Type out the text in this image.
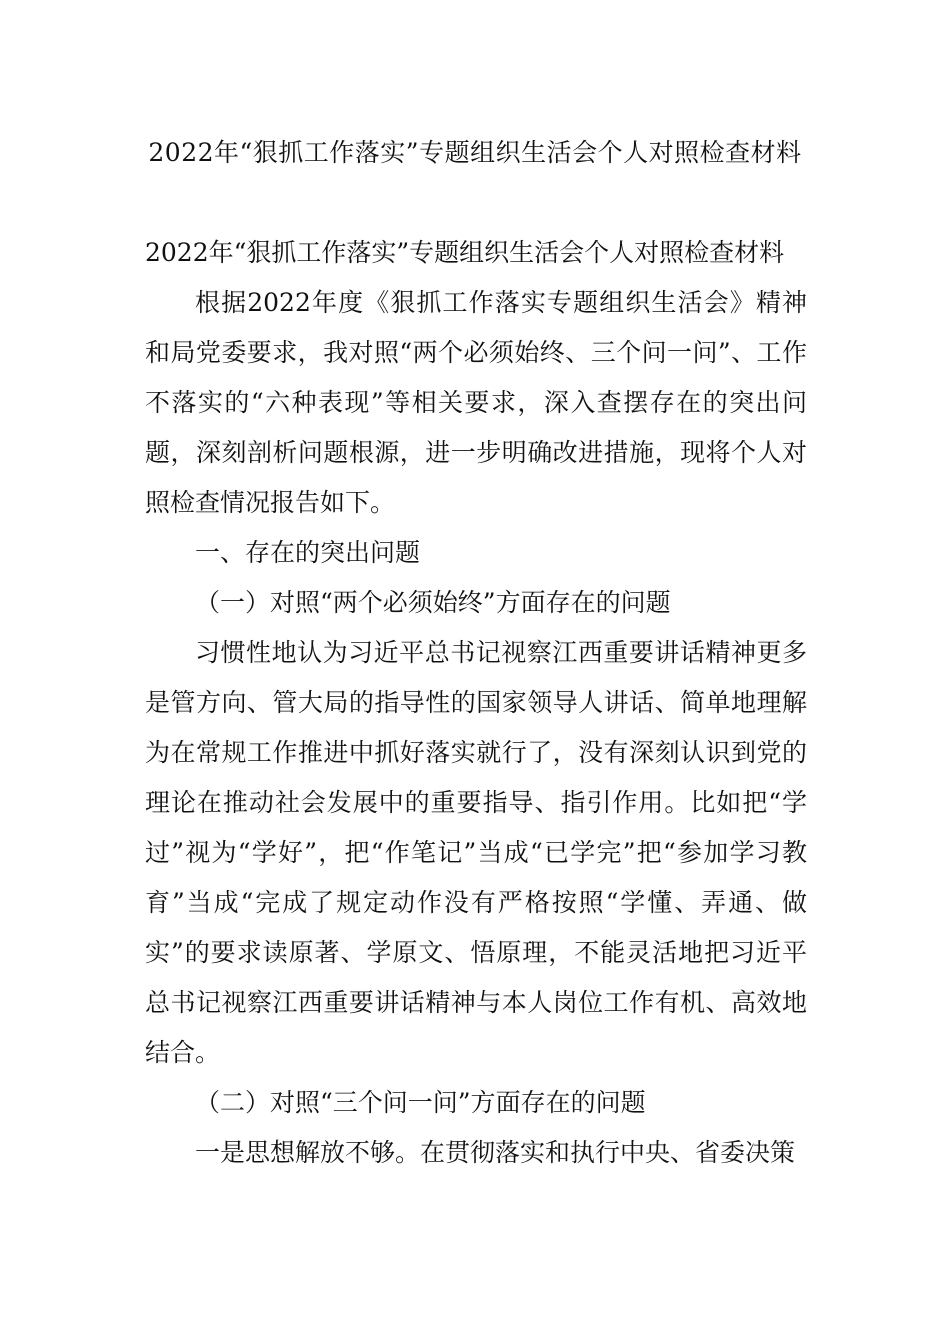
2022年“狠抓工作落实”专题组织生活会个人对照检查材料

2022年“狠抓工作落实”专题组织生活会个人对照检查材料

根据2022年度《狠抓工作落实专题组织生活会》精神和局党委要求，我对照“两个必须始终、三个问一问”、工作不落实的“六种表现”等相关要求，深入查摆存在的突出问题，深刻剖析问题根源，进一步明确改进措施，现将个人对照检查情况报告如下。

一、存在的突出问题

（一）对照“两个必须始终”方面存在的问题

习惯性地认为习近平总书记视察江西重要讲话精神更多是管方向、管大局的指导性的国家领导人讲话、简单地理解为在常规工作推进中抓好落实就行了，没有深刻认识到党的理论在推动社会发展中的重要指导、指引作用。比如把“学过”视为“学好”，把“作笔记”当成“已学完”把“参加学习教育”当成“完成了规定动作没有严格按照“学懂、弄通、做实”的要求读原著、学原文、悟原理，不能灵活地把习近平总书记视察江西重要讲话精神与本人岗位工作有机、高效地结合。

（二）对照“三个问一问”方面存在的问题

一是思想解放不够。在贯彻落实和执行中央、省委决策
